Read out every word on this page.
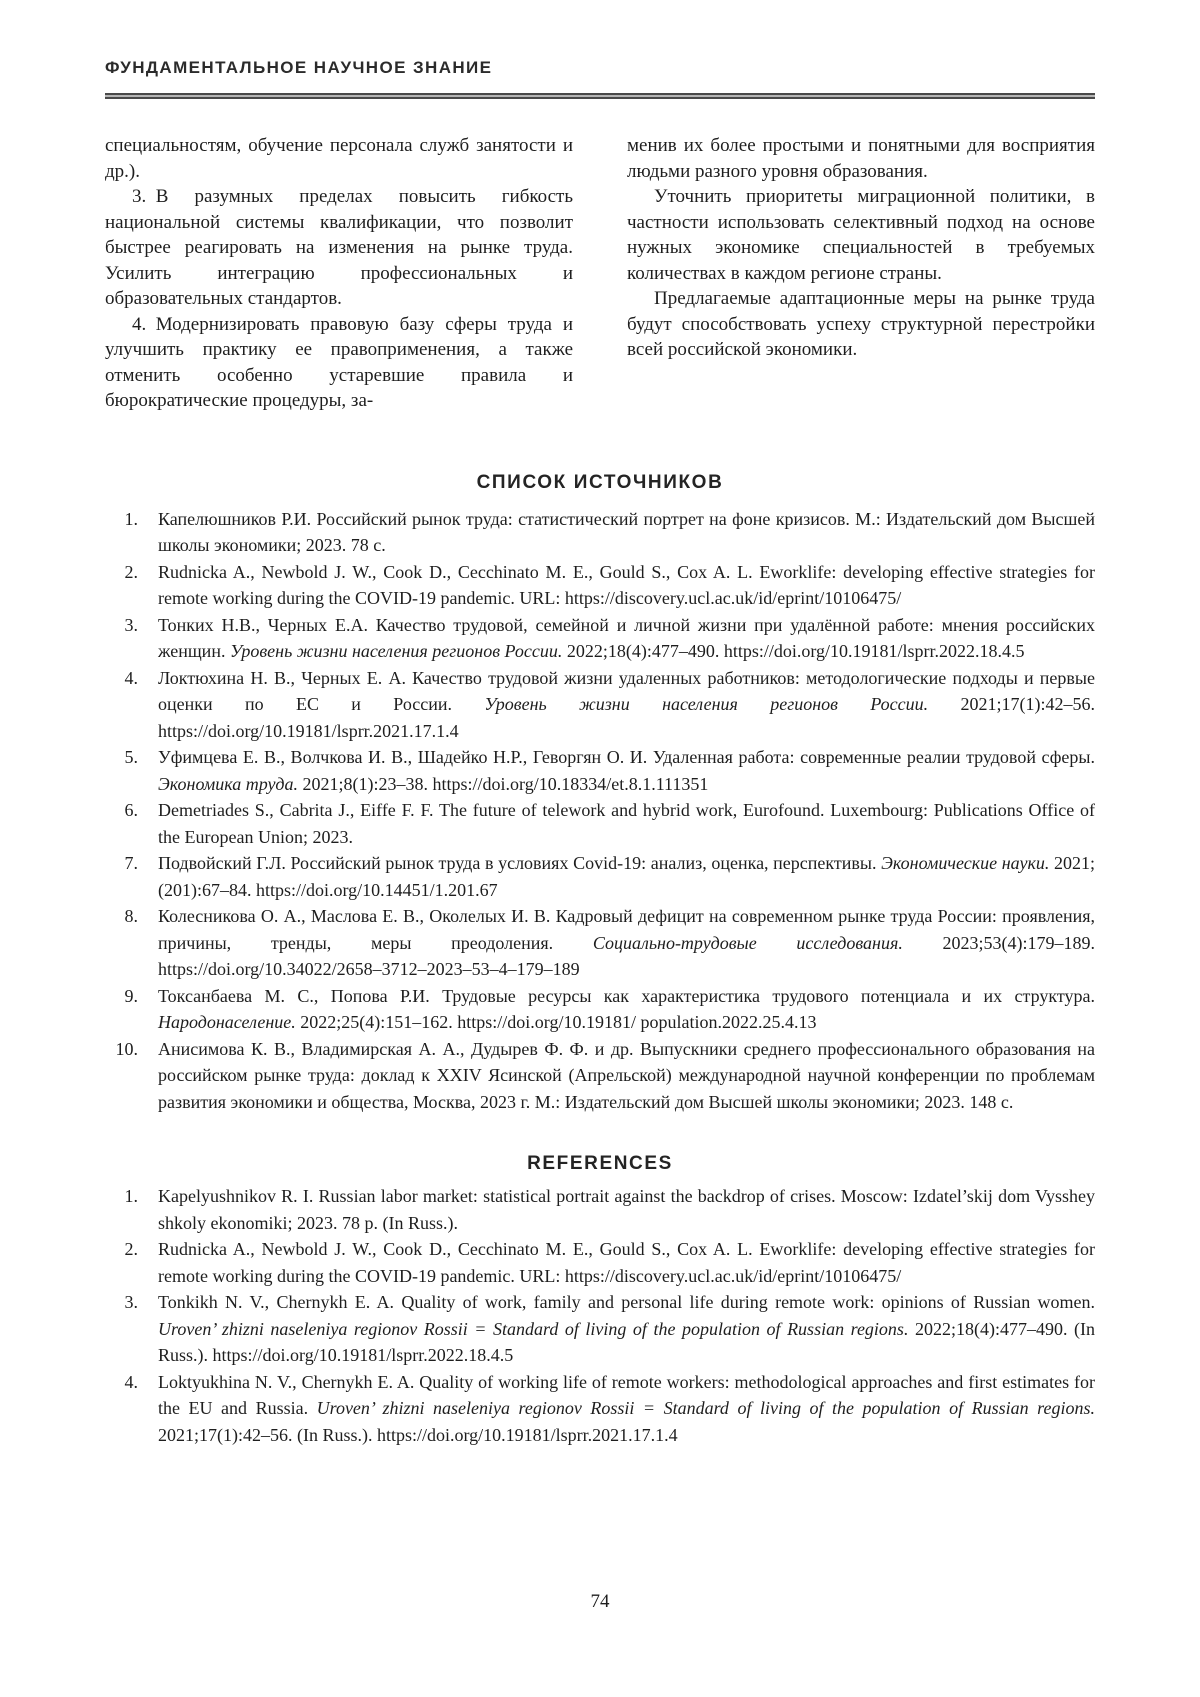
ФУНДАМЕНТАЛЬНОЕ НАУЧНОЕ ЗНАНИЕ

специальностям, обучение персонала служб занятости и др.).

3. В разумных пределах повысить гибкость национальной системы квалификации, что позволит быстрее реагировать на изменения на рынке труда. Усилить интеграцию профессиональных и образовательных стандартов.

4. Модернизировать правовую базу сферы труда и улучшить практику ее правоприменения, а также отменить особенно устаревшие правила и бюрократические процедуры, за-

менив их более простыми и понятными для восприятия людьми разного уровня образования.

Уточнить приоритеты миграционной политики, в частности использовать селективный подход на основе нужных экономике специальностей в требуемых количествах в каждом регионе страны.

Предлагаемые адаптационные меры на рынке труда будут способствовать успеху структурной перестройки всей российской экономики.

СПИСОК ИСТОЧНИКОВ
1.	Капелюшников Р.И. Российский рынок труда: статистический портрет на фоне кризисов. М.: Издательский дом Высшей школы экономики; 2023. 78 с.
2.	Rudnicka A., Newbold J. W., Cook D., Cecchinato M. E., Gould S., Cox A. L. Eworklife: developing effective strategies for remote working during the COVID-19 pandemic. URL: https://discovery.ucl.ac.uk/id/eprint/10106475/
3.	Тонких Н.В., Черных Е.А. Качество трудовой, семейной и личной жизни при удалённой работе: мнения российских женщин. Уровень жизни населения регионов России. 2022;18(4):477–490. https://doi.org/10.19181/lsprr.2022.18.4.5
4.	Локтюхина Н. В., Черных Е. А. Качество трудовой жизни удаленных работников: методологические подходы и первые оценки по ЕС и России. Уровень жизни населения регионов России. 2021;17(1):42–56. https://doi.org/10.19181/lsprr.2021.17.1.4
5.	Уфимцева Е. В., Волчкова И. В., Шадейко Н.Р., Геворгян О. И. Удаленная работа: современные реалии трудовой сферы. Экономика труда. 2021;8(1):23–38. https://doi.org/10.18334/et.8.1.111351
6.	Demetriades S., Cabrita J., Eiffe F. F. The future of telework and hybrid work, Eurofound. Luxembourg: Publications Office of the European Union; 2023.
7.	Подвойский Г.Л. Российский рынок труда в условиях Covid-19: анализ, оценка, перспективы. Экономические науки. 2021;(201):67–84. https://doi.org/10.14451/1.201.67
8.	Колесникова О. А., Маслова Е. В., Околелых И. В. Кадровый дефицит на современном рынке труда России: проявления, причины, тренды, меры преодоления. Социально-трудовые исследования. 2023;53(4):179–189. https://doi.org/10.34022/2658–3712–2023–53–4–179–189
9.	Токсанбаева М. С., Попова Р.И. Трудовые ресурсы как характеристика трудового потенциала и их структура. Народонаселение. 2022;25(4):151–162. https://doi.org/10.19181/ population.2022.25.4.13
10.	Анисимова К. В., Владимирская А. А., Дудырев Ф. Ф. и др. Выпускники среднего профессионального образования на российском рынке труда: доклад к XXIV Ясинской (Апрельской) международной научной конференции по проблемам развития экономики и общества, Москва, 2023 г. М.: Издательский дом Высшей школы экономики; 2023. 148 с.
REFERENCES
1.	Kapelyushnikov R. I. Russian labor market: statistical portrait against the backdrop of crises. Moscow: Izdatel’skij dom Vysshey shkoly ekonomiki; 2023. 78 p. (In Russ.).
2.	Rudnicka A., Newbold J. W., Cook D., Cecchinato M. E., Gould S., Cox A. L. Eworklife: developing effective strategies for remote working during the COVID-19 pandemic. URL: https://discovery.ucl.ac.uk/id/eprint/10106475/
3.	Tonkikh N. V., Chernykh E. A. Quality of work, family and personal life during remote work: opinions of Russian women. Uroven’ zhizni naseleniya regionov Rossii = Standard of living of the population of Russian regions. 2022;18(4):477–490. (In Russ.). https://doi.org/10.19181/lsprr.2022.18.4.5
4.	Loktyukhina N. V., Chernykh E. A. Quality of working life of remote workers: methodological approaches and first estimates for the EU and Russia. Uroven’ zhizni naseleniya regionov Rossii = Standard of living of the population of Russian regions. 2021;17(1):42–56. (In Russ.). https://doi.org/10.19181/lsprr.2021.17.1.4
74
